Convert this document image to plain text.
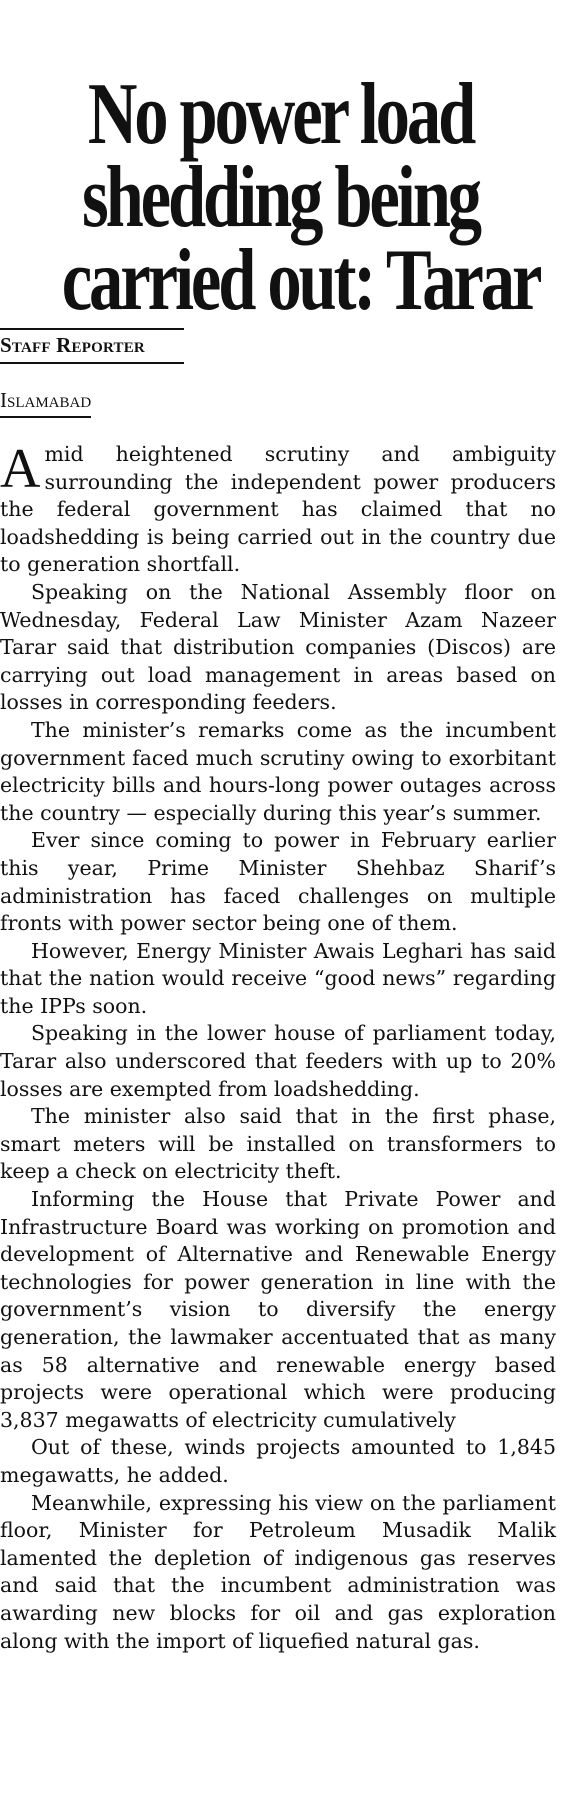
No power load
shedding being
carried out: Tarar
Staff Reporter
Islamabad

Amid heightened scrutiny and ambiguity surrounding the independent power producers the federal government has claimed that no loadshedding is being carried out in the country due to generation shortfall.

Speaking on the National Assembly floor on Wednesday, Federal Law Minister Azam Nazeer Tarar said that distribution companies (Discos) are carrying out load management in areas based on losses in corresponding feeders.

The minister’s remarks come as the incumbent government faced much scrutiny owing to exorbitant electricity bills and hours-long power outages across the country — especially during this year’s summer.

Ever since coming to power in February earlier this year, Prime Minister Shehbaz Sharif’s administration has faced challenges on multiple fronts with power sector being one of them.

However, Energy Minister Awais Leghari has said that the nation would receive “good news” regarding the IPPs soon.

Speaking in the lower house of parliament today, Tarar also underscored that feeders with up to 20% losses are exempted from loadshedding.

The minister also said that in the first phase, smart meters will be installed on transformers to keep a check on electricity theft.

Informing the House that Private Power and Infrastructure Board was working on promotion and development of Alternative and Renewable Energy technologies for power generation in line with the government’s vision to diversify the energy generation, the lawmaker accentuated that as many as 58 alternative and renewable energy based projects were operational which were producing 3,837 megawatts of electricity cumulatively

Out of these, winds projects amounted to 1,845 megawatts, he added.

Meanwhile, expressing his view on the parliament floor, Minister for Petroleum Musadik Malik lamented the depletion of indigenous gas reserves and said that the incumbent administration was awarding new blocks for oil and gas exploration along with the import of liquefied natural gas.
